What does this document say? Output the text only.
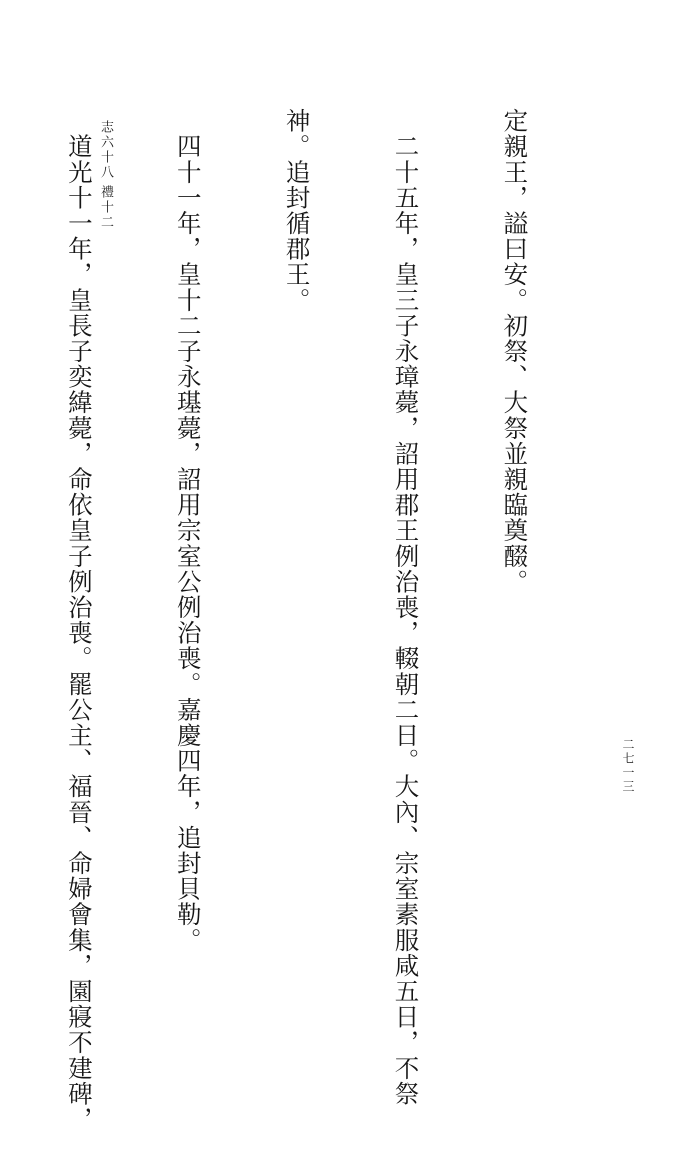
定親王，謚曰安。初祭、大祭並親臨奠醊。

　二十五年，皇三子永璋薨，詔用郡王例治喪，輟朝二日。大內、宗室素服咸五日，不祭

神。追封循郡王。

　四十一年，皇十二子永璂薨，詔用宗室公例治喪。嘉慶四年，追封貝勒。

　道光十一年，皇長子奕緯薨，命依皇子例治喪。罷公主、福晉、命婦會集，園寢不建碑，

志六十八
禮十二
二七一三
